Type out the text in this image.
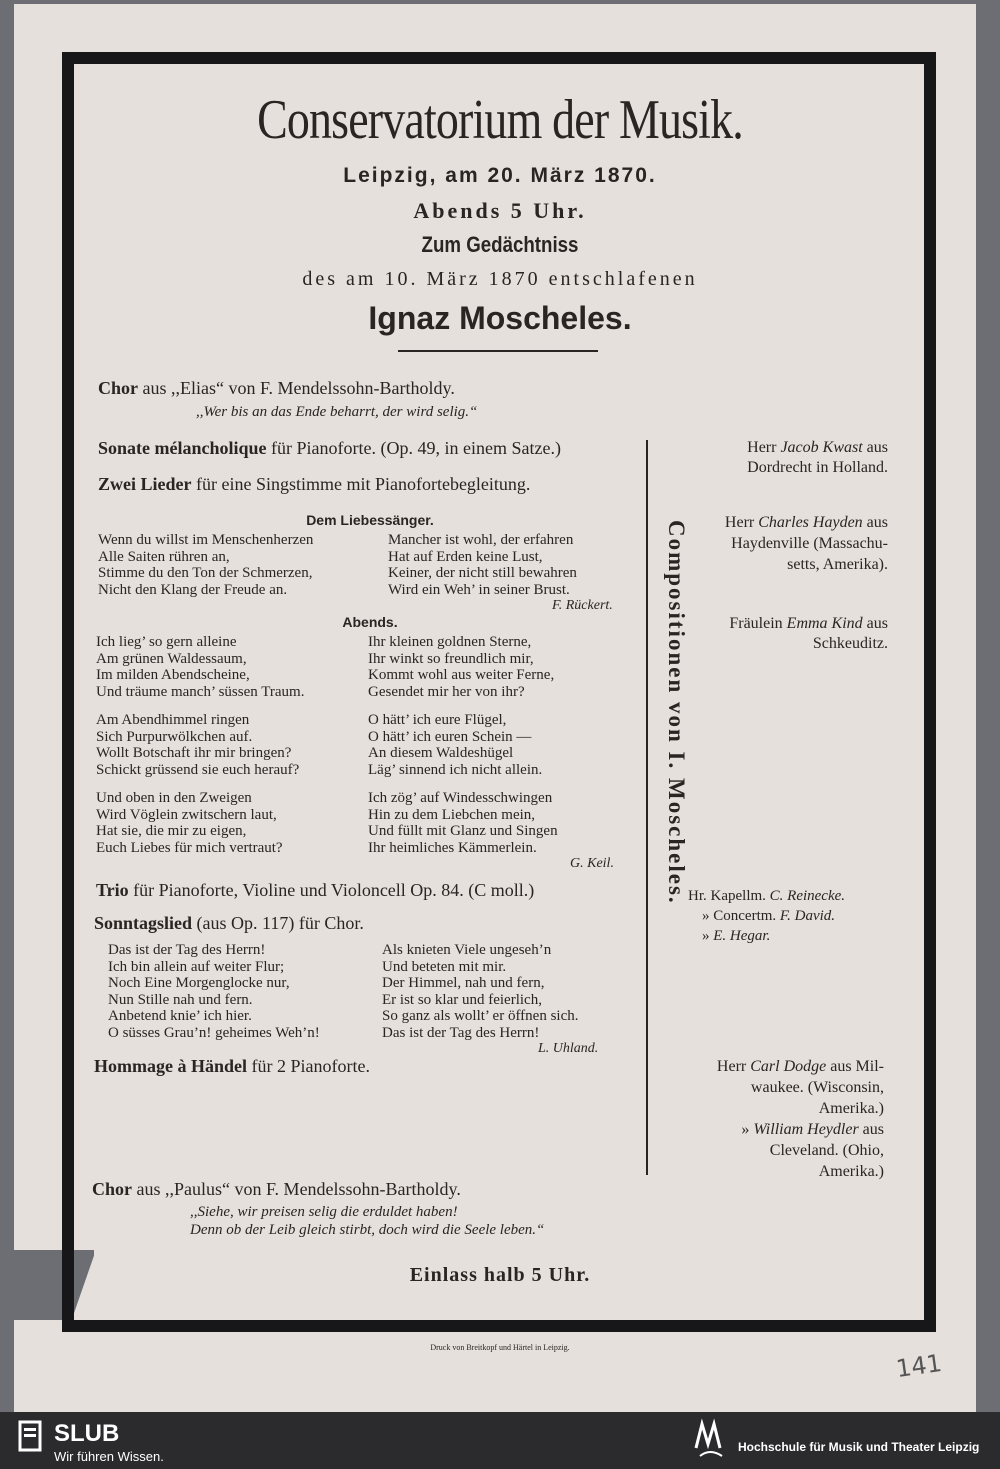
Conservatorium der Musik.
Leipzig, am 20. März 1870.
Abends 5 Uhr.
Zum Gedächtniss
des am 10. März 1870 entschlafenen
Ignaz Moscheles.
Chor aus ,,Elias“ von F. Mendelssohn-Bartholdy.
,,Wer bis an das Ende beharrt, der wird selig.“
Sonate mélancholique für Pianoforte. (Op. 49, in einem Satze.)
Zwei Lieder für eine Singstimme mit Pianofortebegleitung.
Dem Liebessänger.
Wenn du willst im Menschenherzen
Alle Saiten rühren an,
Stimme du den Ton der Schmerzen,
Nicht den Klang der Freude an.
Mancher ist wohl, der erfahren
Hat auf Erden keine Lust,
Keiner, der nicht still bewahren
Wird ein Weh’ in seiner Brust.
F. Rückert.
Abends.
Ich lieg’ so gern alleine
Am grünen Waldessaum,
Im milden Abendscheine,
Und träume manch’ süssen Traum.
Am Abendhimmel ringen
Sich Purpurwölkchen auf.
Wollt Botschaft ihr mir bringen?
Schickt grüssend sie euch herauf?
Und oben in den Zweigen
Wird Vöglein zwitschern laut,
Hat sie, die mir zu eigen,
Euch Liebes für mich vertraut?
Ihr kleinen goldnen Sterne,
Ihr winkt so freundlich mir,
Kommt wohl aus weiter Ferne,
Gesendet mir her von ihr?
O hätt’ ich eure Flügel,
O hätt’ ich euren Schein —
An diesem Waldeshügel
Läg’ sinnend ich nicht allein.
Ich zög’ auf Windesschwingen
Hin zu dem Liebchen mein,
Und füllt mit Glanz und Singen
Ihr heimliches Kämmerlein.
G. Keil.
Trio für Pianoforte, Violine und Violoncell Op. 84. (C moll.)
Sonntagslied (aus Op. 117) für Chor.
Das ist der Tag des Herrn!
Ich bin allein auf weiter Flur;
Noch Eine Morgenglocke nur,
Nun Stille nah und fern.
Anbetend knie’ ich hier.
O süsses Grau’n! geheimes Weh’n!
Als knieten Viele ungeseh’n
Und beteten mit mir.
Der Himmel, nah und fern,
Er ist so klar und feierlich,
So ganz als wollt’ er öffnen sich.
Das ist der Tag des Herrn!
L. Uhland.
Hommage à Händel für 2 Pianoforte.
Chor aus ,,Paulus“ von F. Mendelssohn-Bartholdy.
,,Siehe, wir preisen selig die erduldet haben!
Denn ob der Leib gleich stirbt, doch wird die Seele leben.“
Compositionen von I. Moscheles.
Herr Jacob Kwast aus
Dordrecht in Holland.
Herr Charles Hayden aus
Haydenville (Massachu-
setts, Amerika).
Fräulein Emma Kind aus
Schkeuditz.
Hr. Kapellm. C. Reinecke.
» Concertm. F. David.
» E. Hegar.
Herr Carl Dodge aus Mil-
waukee. (Wisconsin,
Amerika.)
» William Heydler aus
Cleveland. (Ohio,
Amerika.)
Einlass halb 5 Uhr.
Druck von Breitkopf und Härtel in Leipzig.
141
SLUB
Wir führen Wissen.
Hochschule für Musik und Theater Leipzig
